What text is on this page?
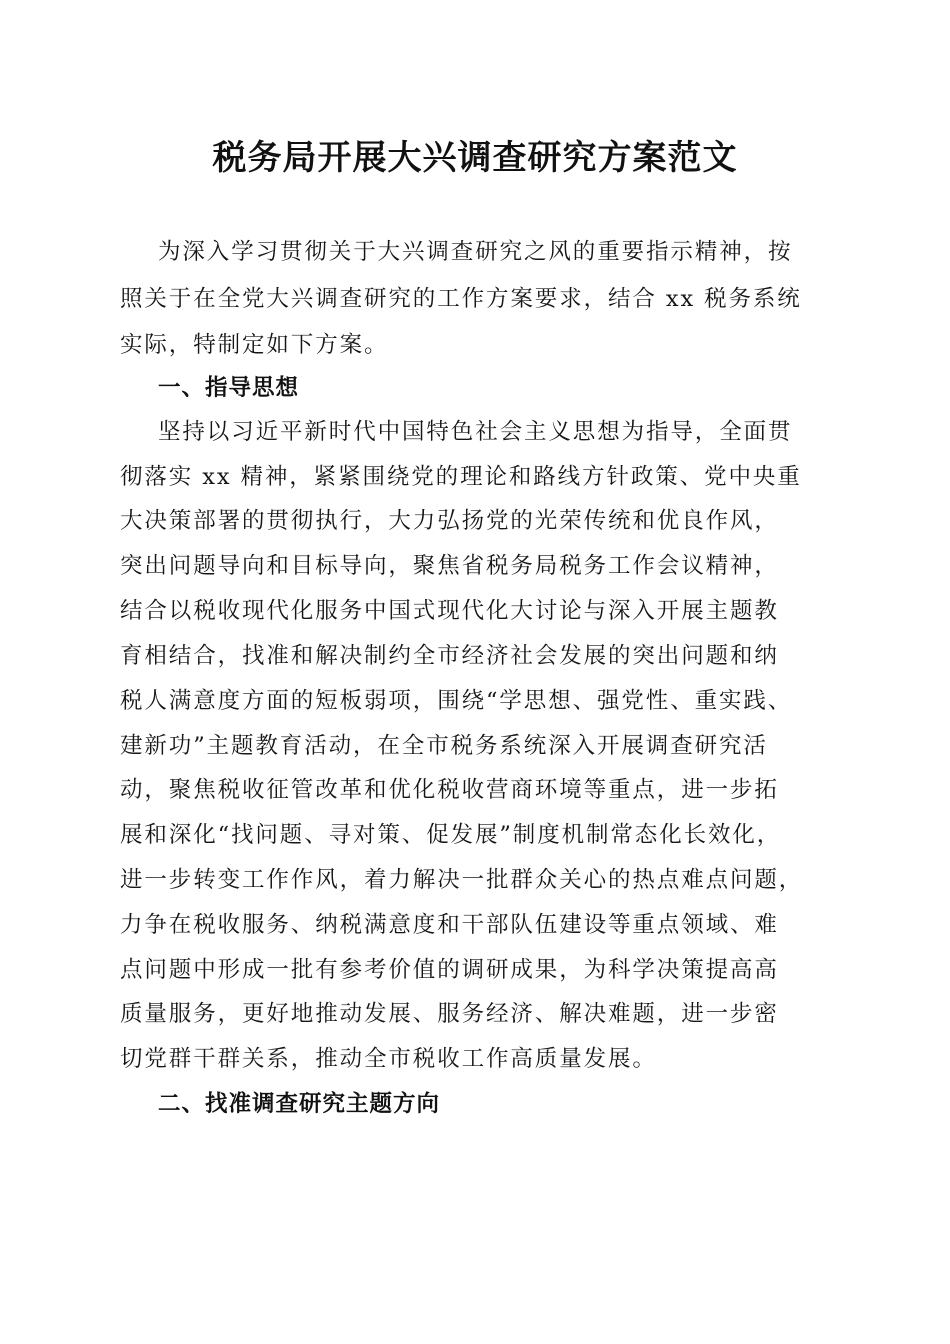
税务局开展大兴调查研究方案范文
为深入学习贯彻关于大兴调查研究之风的重要指示精神，按
照关于在全党大兴调查研究的工作方案要求，结合 xx 税务系统
实际，特制定如下方案。
一、指导思想
坚持以习近平新时代中国特色社会主义思想为指导，全面贯
彻落实 xx 精神，紧紧围绕党的理论和路线方针政策、党中央重
大决策部署的贯彻执行，大力弘扬党的光荣传统和优良作风，
突出问题导向和目标导向，聚焦省税务局税务工作会议精神，
结合以税收现代化服务中国式现代化大讨论与深入开展主题教
育相结合，找准和解决制约全市经济社会发展的突出问题和纳
税人满意度方面的短板弱项，围绕“学思想、强党性、重实践、
建新功”主题教育活动，在全市税务系统深入开展调查研究活
动，聚焦税收征管改革和优化税收营商环境等重点，进一步拓
展和深化“找问题、寻对策、促发展”制度机制常态化长效化，
进一步转变工作作风，着力解决一批群众关心的热点难点问题，
力争在税收服务、纳税满意度和干部队伍建设等重点领域、难
点问题中形成一批有参考价值的调研成果，为科学决策提高高
质量服务，更好地推动发展、服务经济、解决难题，进一步密
切党群干群关系，推动全市税收工作高质量发展。
二、找准调查研究主题方向
